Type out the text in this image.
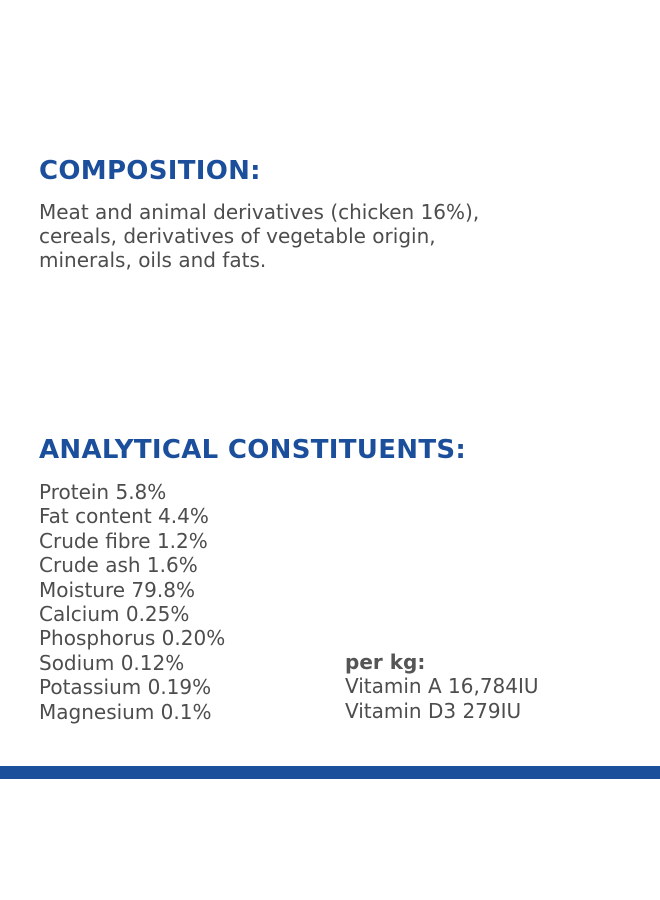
COMPOSITION:

Meat and animal derivatives (chicken 16%),
cereals, derivatives of vegetable origin,
minerals, oils and fats.

ANALYTICAL CONSTITUENTS:
Protein 5.8%
Fat content 4.4%
Crude fibre 1.2%
Crude ash 1.6%
Moisture 79.8%
Calcium 0.25%
Phosphorus 0.20%
Sodium 0.12%
Potassium 0.19%
Magnesium 0.1%
per kg:
Vitamin A 16,784IU
Vitamin D3 279IU
